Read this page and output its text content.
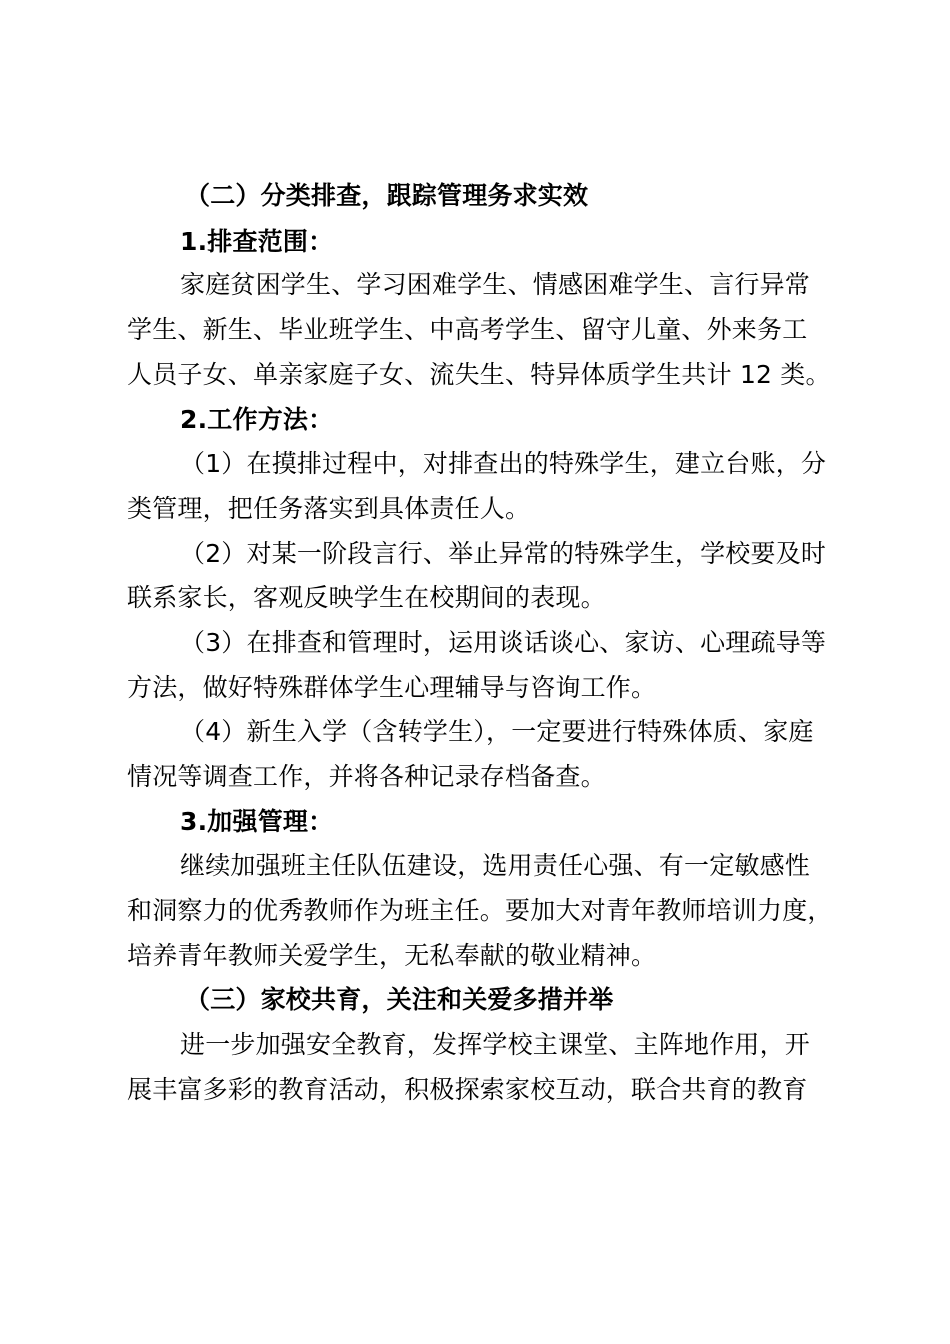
（二）分类排查，跟踪管理务求实效
1.排查范围：
家庭贫困学生、学习困难学生、情感困难学生、言行异常
学生、新生、毕业班学生、中高考学生、留守儿童、外来务工
人员子女、单亲家庭子女、流失生、特异体质学生共计 12 类。
2.工作方法：
（1）在摸排过程中，对排查出的特殊学生，建立台账，分
类管理，把任务落实到具体责任人。
（2）对某一阶段言行、举止异常的特殊学生，学校要及时
联系家长，客观反映学生在校期间的表现。
（3）在排查和管理时，运用谈话谈心、家访、心理疏导等
方法，做好特殊群体学生心理辅导与咨询工作。
（4）新生入学（含转学生），一定要进行特殊体质、家庭
情况等调查工作，并将各种记录存档备查。
3.加强管理：
继续加强班主任队伍建设，选用责任心强、有一定敏感性
和洞察力的优秀教师作为班主任。要加大对青年教师培训力度，
培养青年教师关爱学生，无私奉献的敬业精神。
（三）家校共育，关注和关爱多措并举
进一步加强安全教育，发挥学校主课堂、主阵地作用，开
展丰富多彩的教育活动，积极探索家校互动，联合共育的教育
